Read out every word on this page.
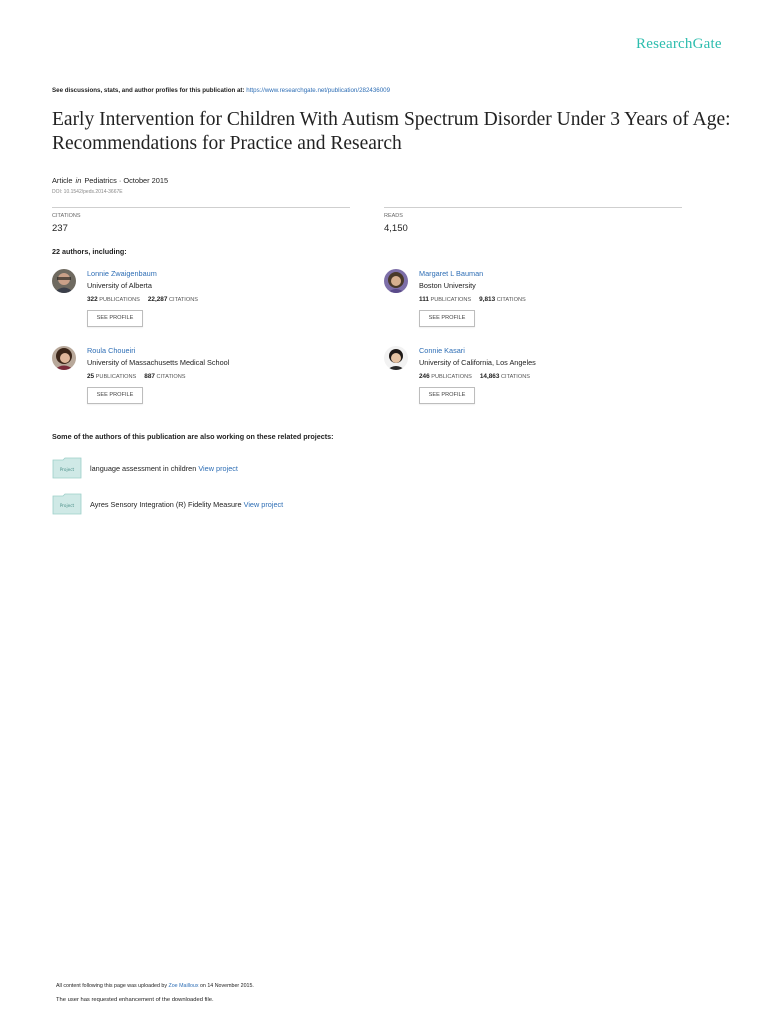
ResearchGate
See discussions, stats, and author profiles for this publication at: https://www.researchgate.net/publication/282436009
Early Intervention for Children With Autism Spectrum Disorder Under 3 Years of Age: Recommendations for Practice and Research
Article in Pediatrics · October 2015
DOI: 10.1542/peds.2014-3667E
CITATIONS
237
READS
4,150
22 authors, including:
Lonnie Zwaigenbaum
University of Alberta
322 PUBLICATIONS 22,287 CITATIONS
SEE PROFILE
Margaret L Bauman
Boston University
111 PUBLICATIONS 9,813 CITATIONS
SEE PROFILE
Roula Choueiri
University of Massachusetts Medical School
25 PUBLICATIONS 887 CITATIONS
SEE PROFILE
Connie Kasari
University of California, Los Angeles
246 PUBLICATIONS 14,863 CITATIONS
SEE PROFILE
Some of the authors of this publication are also working on these related projects:
Project language assessment in children View project
Project Ayres Sensory Integration (R) Fidelity Measure View project
All content following this page was uploaded by Zoe Mailloux on 14 November 2015.
The user has requested enhancement of the downloaded file.
